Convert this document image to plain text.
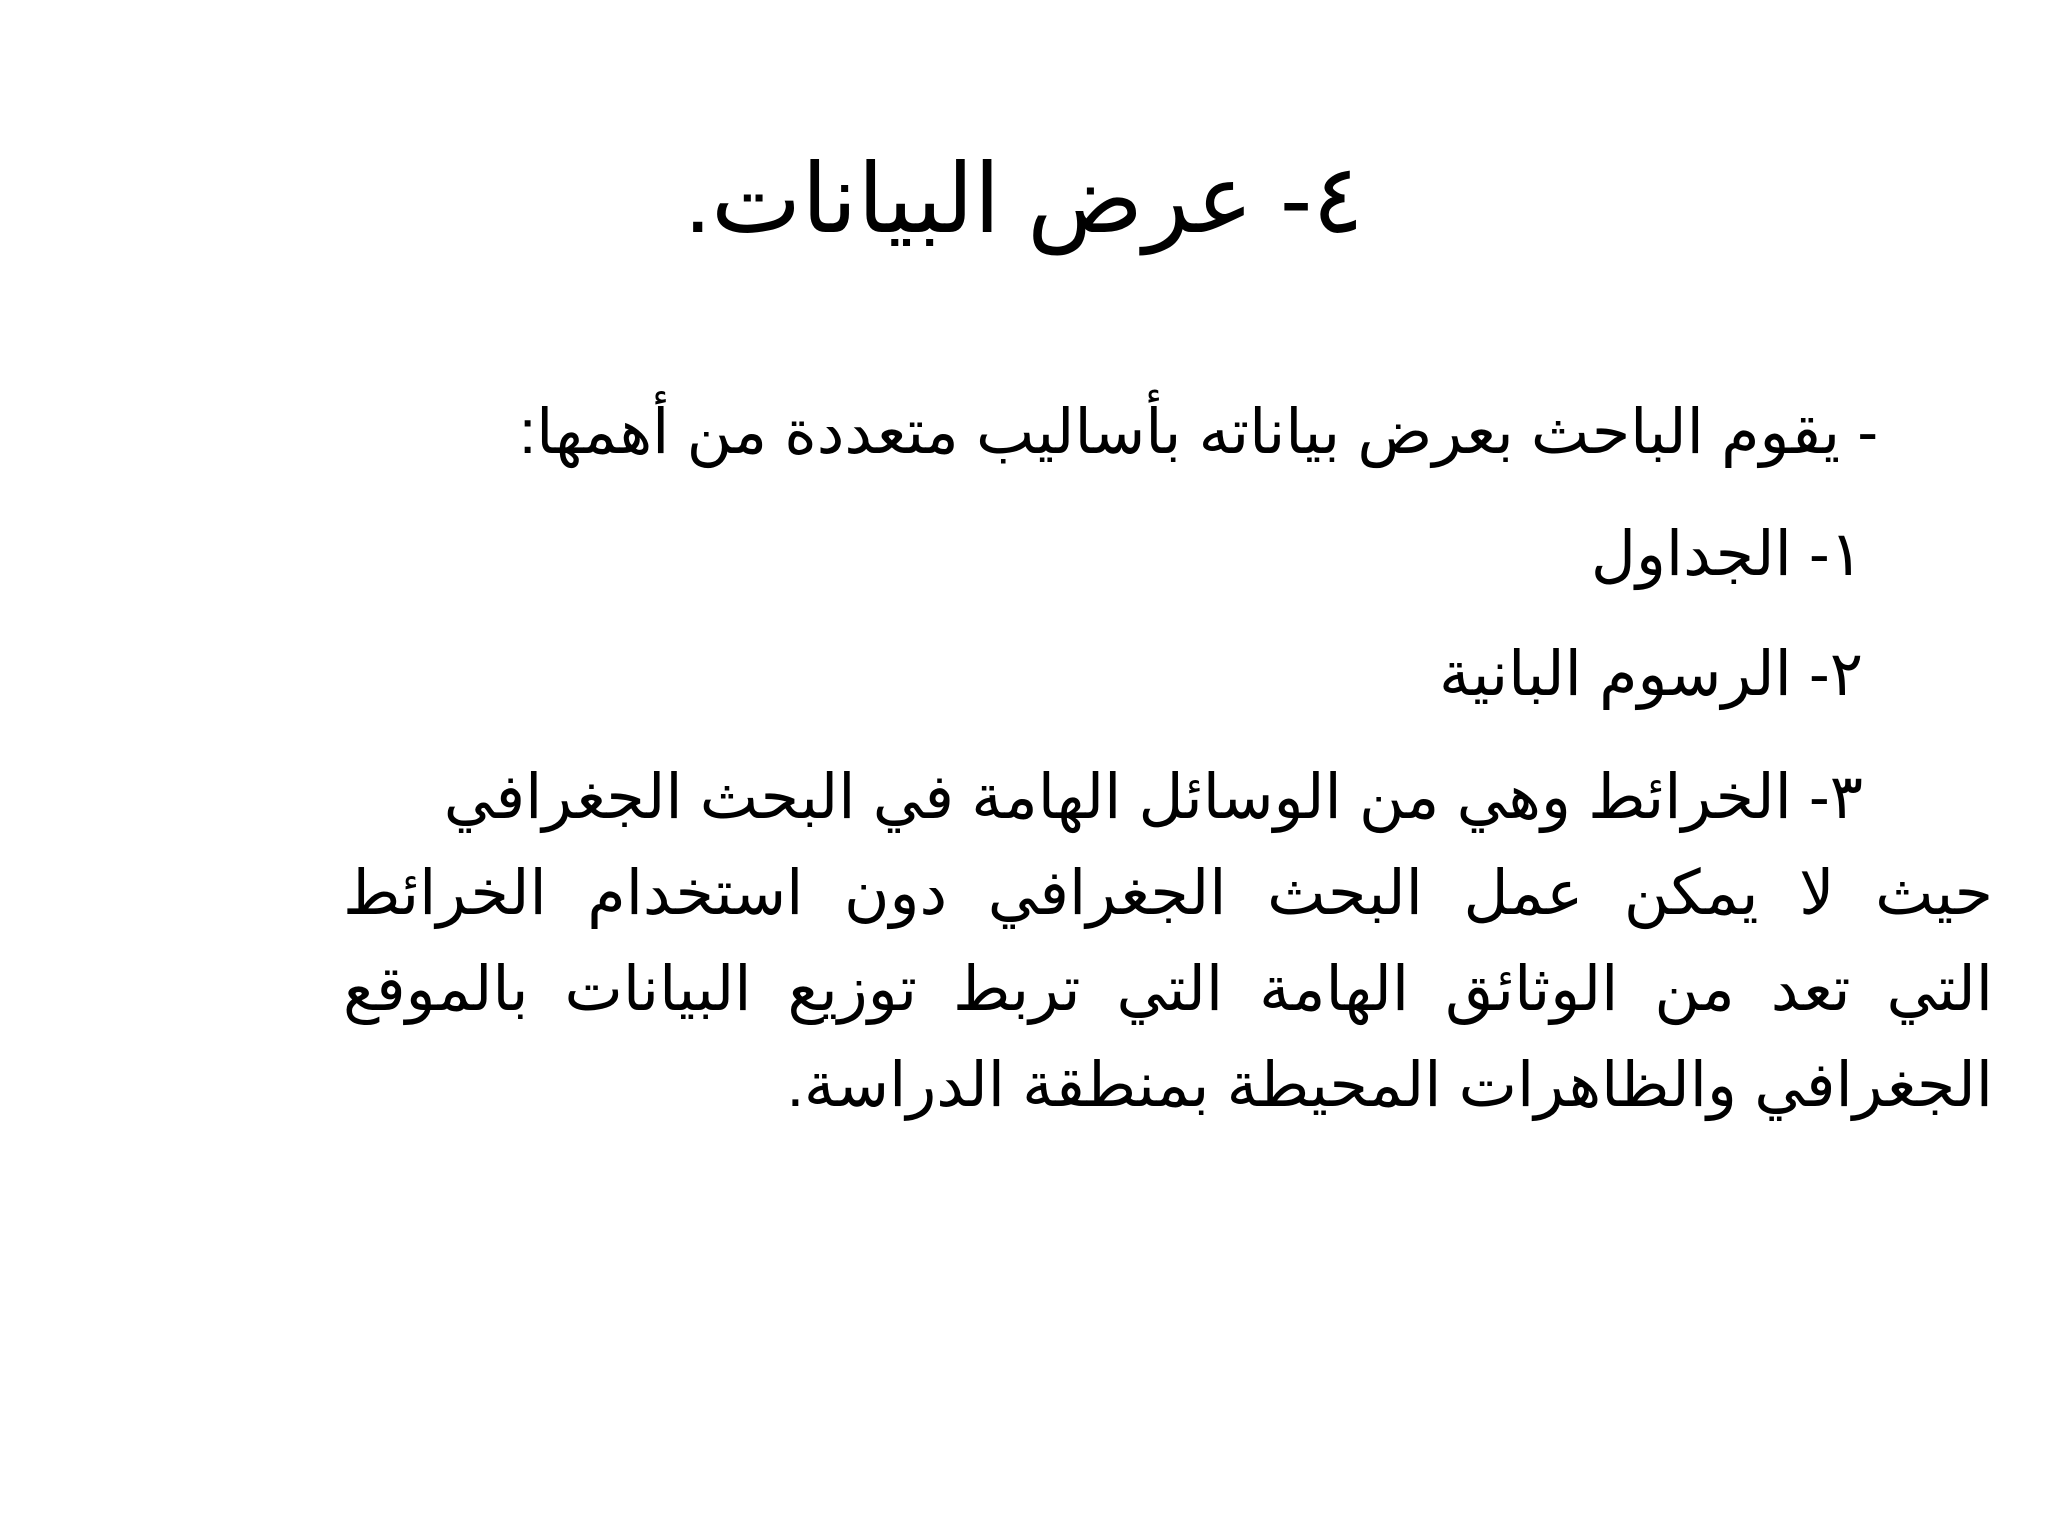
٤- عرض البيانات.

- يقوم الباحث بعرض بياناته بأساليب متعددة من أهمها:

١- الجداول
٢- الرسوم البانية
٣- الخرائط وهي من الوسائل الهامة في البحث الجغرافي
حيث لا يمكن عمل البحث الجغرافي دون استخدام الخرائط
التي تعد من الوثائق الهامة التي تربط توزيع البيانات بالموقع
الجغرافي والظاهرات المحيطة بمنطقة الدراسة.
